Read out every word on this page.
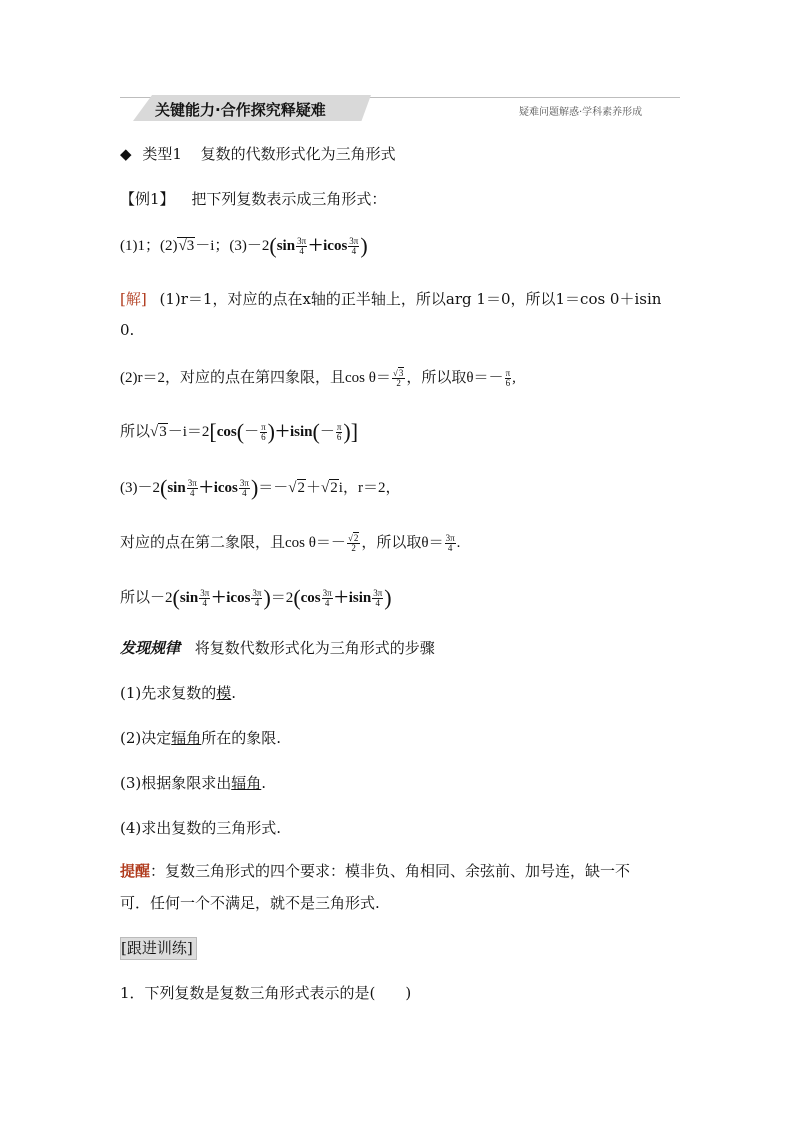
关键能力·合作探究释疑难	疑难问题解惑·学科素养形成
◆ 类型1 复数的代数形式化为三角形式
【例1】 把下列复数表示成三角形式：
(1)1；(2)√3－i；$(3)-2(\sin \frac{3\pi}{4} +icos \frac{3\pi}{4}$ )
[解] (1)r＝1，对应的点在x轴的正半轴上，所以arg 1＝0，所以1＝cos 0＋isin
0.
(2)r＝2，对应的点在第四象限，且$\cos \theta= \frac{√3}{2}$ ，所以取$\theta=- \frac{\pi}{6}$ ,
所以$√3-i=2[\cos(- \frac{\pi}{6} )+isin(- \frac{\pi}{6}$ )]
$(3)-2(\sin \frac{3\pi}{4} +icos \frac{3\pi}{4} )=-√2+√2i$，r＝2，
对应的点在第二象限，且$\cos \theta=- \frac{√2}{2}$ ，所以取$\theta= \frac{3\pi}{4}$ .
所以$-2(\sin \frac{3\pi}{4} +icos \frac{3\pi}{4} )=2(\cos \frac{3\pi}{4} +isin \frac{3\pi}{4}$ )
发现规律 将复数代数形式化为三角形式的步骤
(1)先求复数的模.
(2)决定辐角所在的象限.
(3)根据象限求出辐角.
(4)求出复数的三角形式.
提醒：复数三角形式的四个要求：模非负、角相同、余弦前、加号连，缺一不
可．任何一个不满足，就不是三角形式.
[跟进训练]
1．下列复数是复数三角形式表示的是(　　)
